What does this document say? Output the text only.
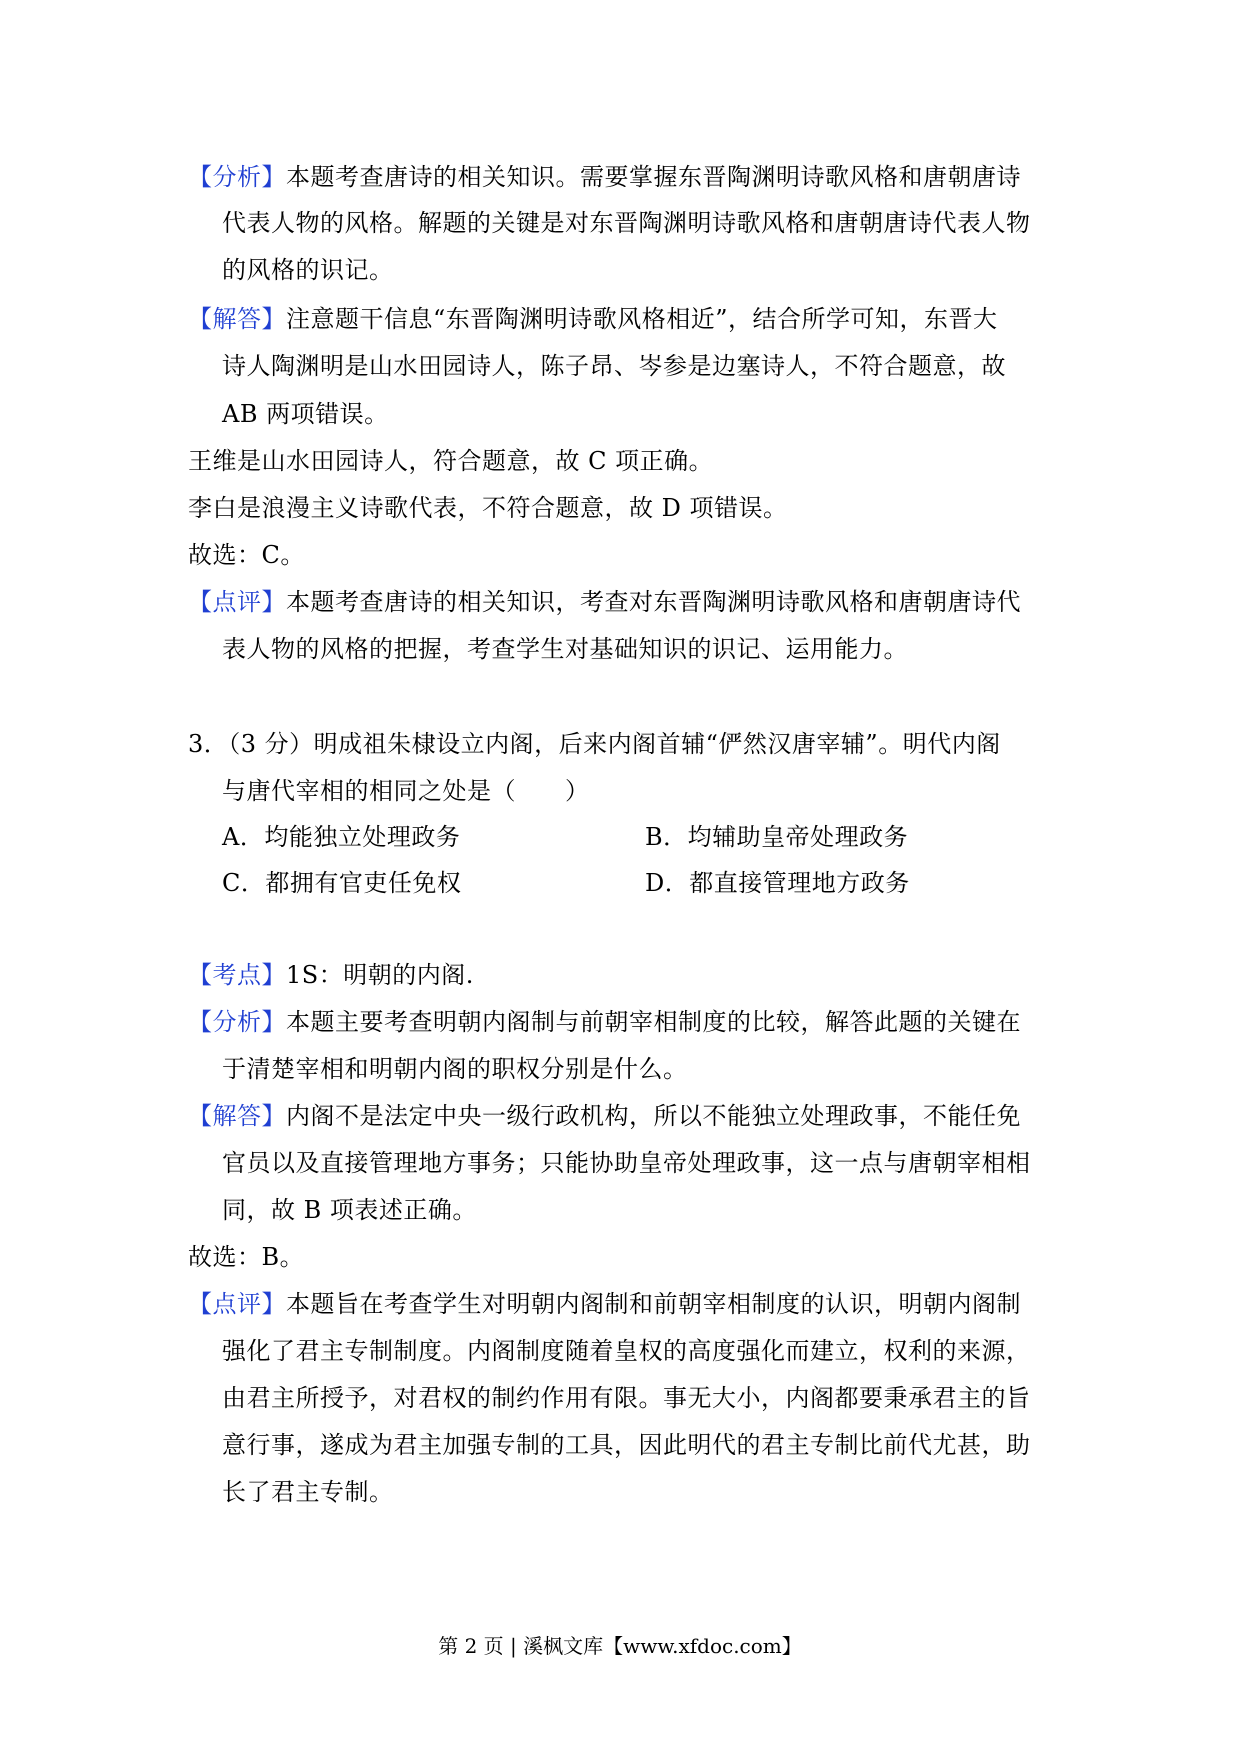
【分析】本题考查唐诗的相关知识。需要掌握东晋陶渊明诗歌风格和唐朝唐诗
代表人物的风格。解题的关键是对东晋陶渊明诗歌风格和唐朝唐诗代表人物
的风格的识记。
【解答】注意题干信息“东晋陶渊明诗歌风格相近”，结合所学可知，东晋大
诗人陶渊明是山水田园诗人，陈子昂、岑参是边塞诗人，不符合题意，故
AB 两项错误。
王维是山水田园诗人，符合题意，故 C 项正确。
李白是浪漫主义诗歌代表，不符合题意，故 D 项错误。
故选：C。
【点评】本题考查唐诗的相关知识，考查对东晋陶渊明诗歌风格和唐朝唐诗代
表人物的风格的把握，考查学生对基础知识的识记、运用能力。
3．（3 分）明成祖朱棣设立内阁，后来内阁首辅“俨然汉唐宰辅”。明代内阁
与唐代宰相的相同之处是（　　）
A．均能独立处理政务	B．均辅助皇帝处理政务
C．都拥有官吏任免权	D．都直接管理地方政务
【考点】1S：明朝的内阁.
【分析】本题主要考查明朝内阁制与前朝宰相制度的比较，解答此题的关键在
于清楚宰相和明朝内阁的职权分别是什么。
【解答】内阁不是法定中央一级行政机构，所以不能独立处理政事，不能任免
官员以及直接管理地方事务；只能协助皇帝处理政事，这一点与唐朝宰相相
同，故 B 项表述正确。
故选：B。
【点评】本题旨在考查学生对明朝内阁制和前朝宰相制度的认识，明朝内阁制
强化了君主专制制度。内阁制度随着皇权的高度强化而建立，权利的来源，
由君主所授予，对君权的制约作用有限。事无大小，内阁都要秉承君主的旨
意行事，遂成为君主加强专制的工具，因此明代的君主专制比前代尤甚，助
长了君主专制。
第 2 页 | 溪枫文库【www.xfdoc.com】
